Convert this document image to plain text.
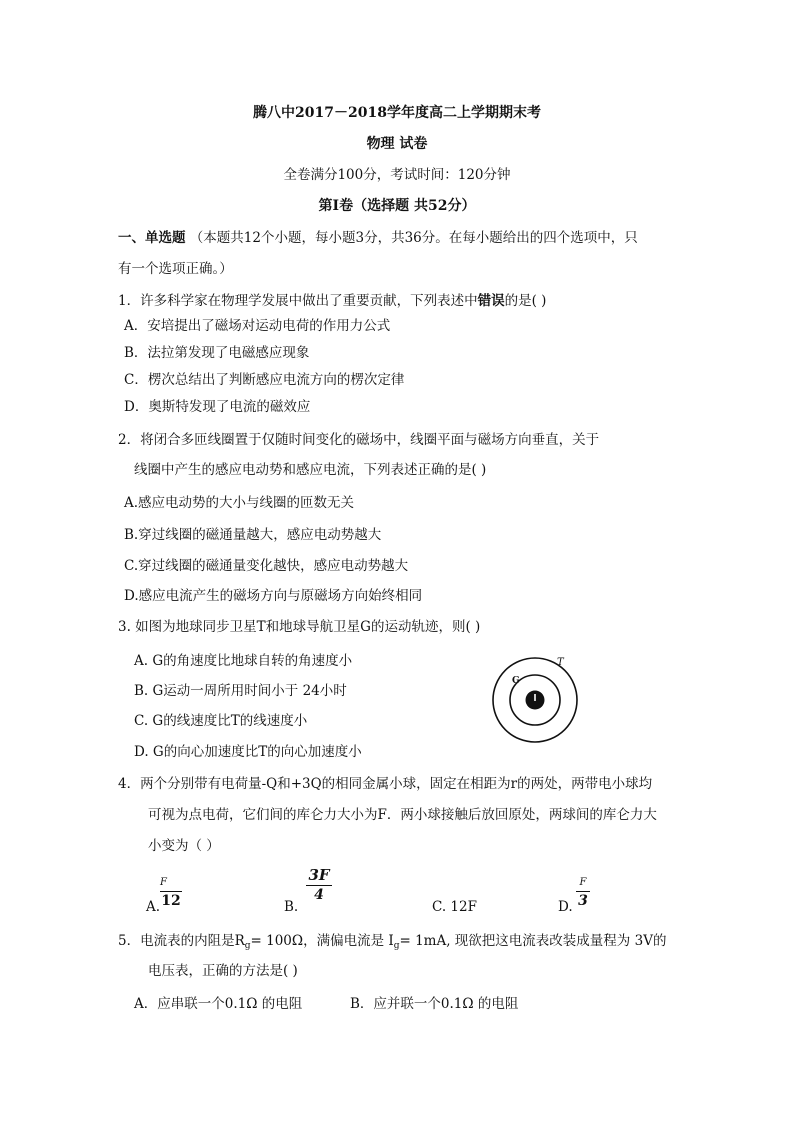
腾八中2017－2018学年度高二上学期期末考
物理 试卷
全卷满分100分，考试时间：120分钟
第Ⅰ卷（选择题 共52分）
一、单选题 （本题共12个小题，每小题3分，共36分。在每小题给出的四个选项中，只
有一个选项正确。）
1．许多科学家在物理学发展中做出了重要贡献，下列表述中错误的是( )
A．安培提出了磁场对运动电荷的作用力公式
B．法拉第发现了电磁感应现象
C．楞次总结出了判断感应电流方向的楞次定律
D．奥斯特发现了电流的磁效应
2．将闭合多匝线圈置于仅随时间变化的磁场中，线圈平面与磁场方向垂直，关于
线圈中产生的感应电动势和感应电流，下列表述正确的是( )
A.感应电动势的大小与线圈的匝数无关
B.穿过线圈的磁通量越大，感应电动势越大
C.穿过线圈的磁通量变化越快，感应电动势越大
D.感应电流产生的磁场方向与原磁场方向始终相同
3. 如图为地球同步卫星T和地球导航卫星G的运动轨迹，则( )
A. G的角速度比地球自转的角速度小
B. G运动一周所用时间小于 24小时
C. G的线速度比T的线速度小
D. G的向心加速度比T的向心加速度小
T
G
4．两个分别带有电荷量-Q和+3Q的相同金属小球，固定在相距为r的两处，两带电小球均
可视为点电荷，它们间的库仑力大小为F．两小球接触后放回原处，两球间的库仑力大
小变为（ ）
A.
F
12	B.
3F
4
C. 12F	D.
F
3
5．电流表的内阻是$R_g= 100\Omega$，满偏电流是 $I_g= 1mA$, 现欲把这电流表改装成量程为 3V的
电压表，正确的方法是( )
A．应串联一个0.1Ω 的电阻	B．应并联一个0.1Ω 的电阻
